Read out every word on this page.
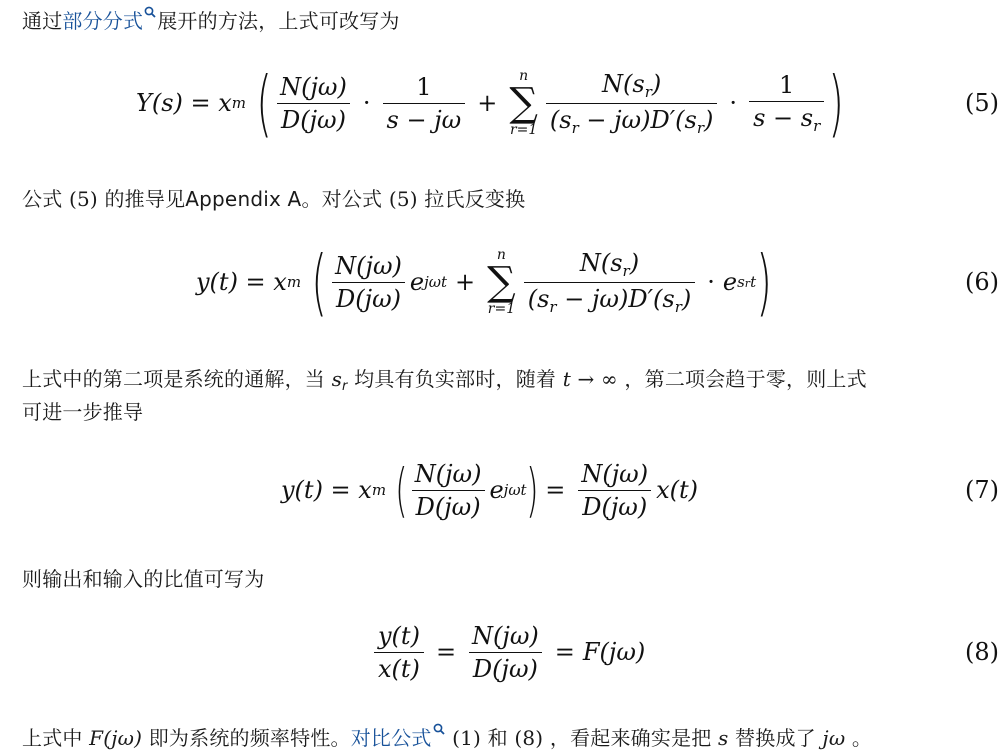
通过部分分式 展开的方法，上式可改写为
Y(s) = x m ( $\frac{N(j\omega)}{D(j\omega)} \cdot \frac{1}{s - j\omega}$ +
n
∑
$r=1 \frac{N(s_r)}{(s_r - j\omega)D'(s_r)} \cdot \frac{1}{s - s_r}$ )	(5)
公式 (5) 的推导见Appendix A。对公式 (5) 拉氏反变换
y(t) = x m ( $\frac{N(j\omega)}{D(j\omega)}$ e jωt +
n
∑
$r=1 \frac{N(s_r)}{(s_r - j\omega)D'(s_r)} \cdot e$ srt )	(6)
上式中的第二项是系统的通解，当 $s_r$ 均具有负实部时，随着 t → ∞ ，第二项会趋于零，则上式
可进一步推导
y(t) = x m ( $\frac{N(j\omega)}{D(j\omega)}$ e jωt ) = $\frac{N(j\omega)}{D(j\omega)} x(t)$	(7)
则输出和输入的比值可写为
$\frac{y(t)}{x(t)} = \frac{N(j\omega)}{D(j\omega)} = F(j\omega)$	(8)
上式中 F(jω) 即为系统的频率特性。对比公式 (1) 和 (8) ，看起来确实是把 s 替换成了 jω 。
